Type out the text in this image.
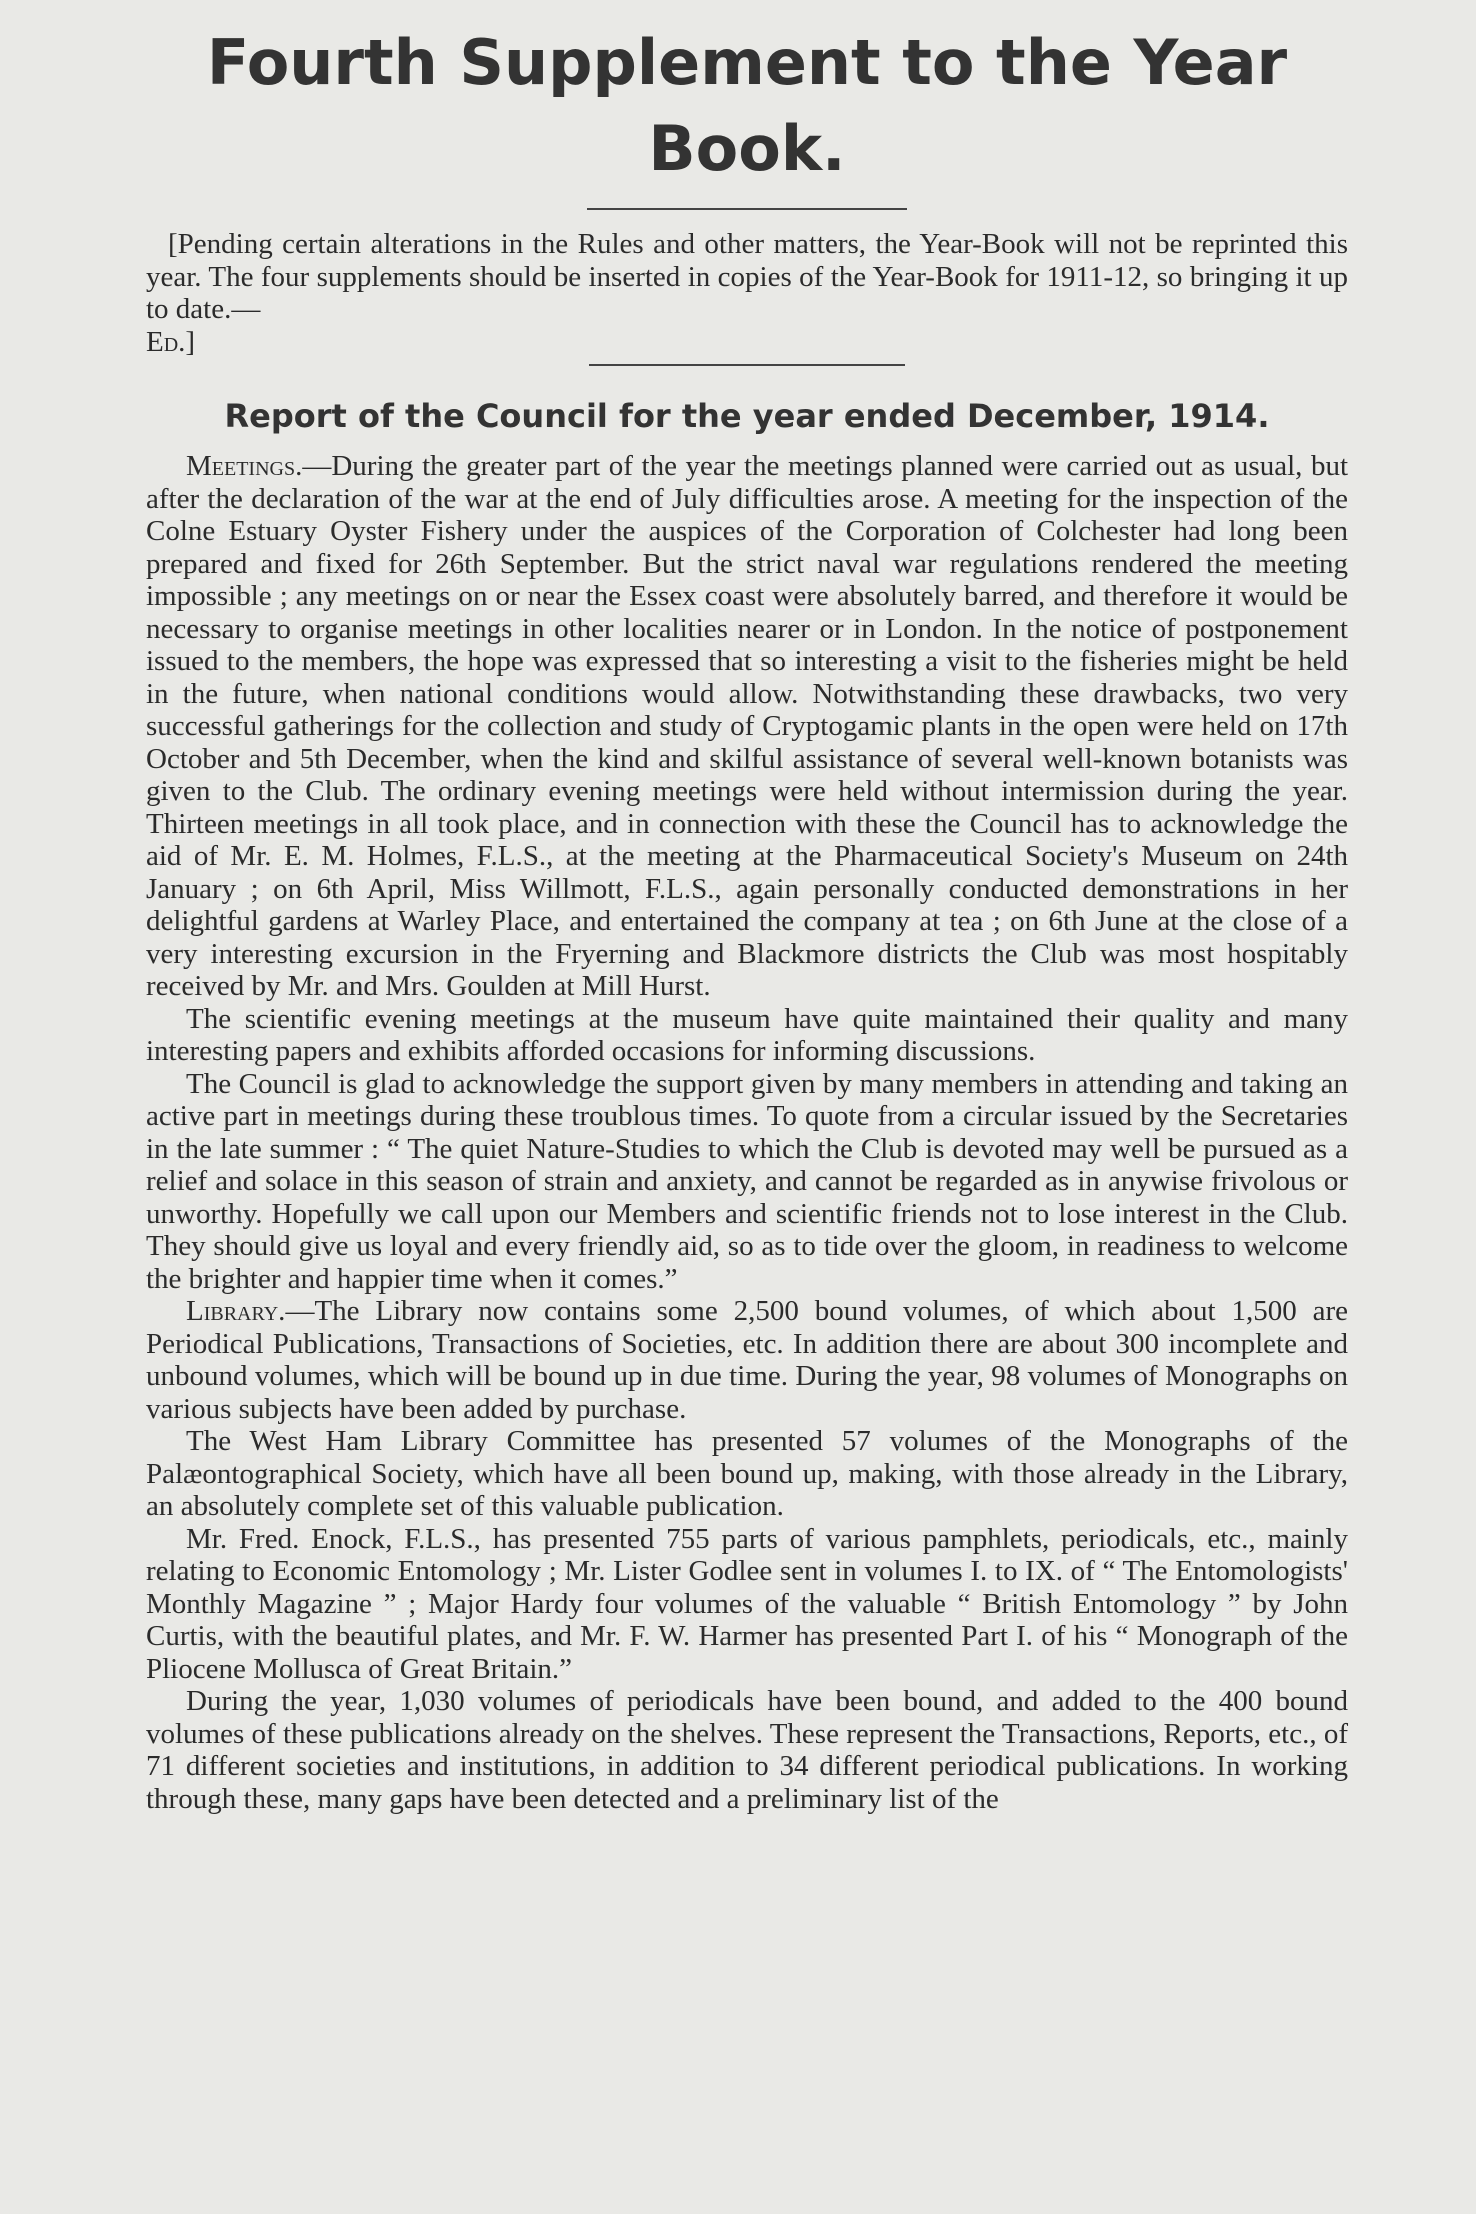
Fourth Supplement to the Year Book.

[Pending certain alterations in the Rules and other matters, the Year-Book will not be reprinted this year. The four supplements should be inserted in copies of the Year-Book for 1911-12, so bringing it up to date.—
Ed.]

Report of the Council for the year ended December, 1914.

Meetings.—During the greater part of the year the meetings planned were carried out as usual, but after the declaration of the war at the end of July difficulties arose. A meeting for the inspection of the Colne Estuary Oyster Fishery under the auspices of the Corporation of Colchester had long been prepared and fixed for 26th September. But the strict naval war regulations rendered the meeting impossible ; any meetings on or near the Essex coast were absolutely barred, and therefore it would be necessary to organise meetings in other localities nearer or in London. In the notice of postponement issued to the members, the hope was expressed that so interesting a visit to the fisheries might be held in the future, when national conditions would allow. Notwithstanding these drawbacks, two very successful gatherings for the collection and study of Cryptogamic plants in the open were held on 17th October and 5th December, when the kind and skilful assistance of several well-known botanists was given to the Club. The ordinary evening meetings were held without intermission during the year. Thirteen meetings in all took place, and in connection with these the Council has to acknowledge the aid of Mr. E. M. Holmes, F.L.S., at the meeting at the Pharmaceutical Society's Museum on 24th January ; on 6th April, Miss Willmott, F.L.S., again personally conducted demonstrations in her delightful gardens at Warley Place, and entertained the company at tea ; on 6th June at the close of a very interesting excursion in the Fryerning and Blackmore districts the Club was most hospitably received by Mr. and Mrs. Goulden at Mill Hurst.

The scientific evening meetings at the museum have quite maintained their quality and many interesting papers and exhibits afforded occasions for informing discussions.

The Council is glad to acknowledge the support given by many members in attending and taking an active part in meetings during these troublous times. To quote from a circular issued by the Secretaries in the late summer : “ The quiet Nature-Studies to which the Club is devoted may well be pursued as a relief and solace in this season of strain and anxiety, and cannot be regarded as in anywise frivolous or unworthy. Hopefully we call upon our Members and scientific friends not to lose interest in the Club. They should give us loyal and every friendly aid, so as to tide over the gloom, in readiness to welcome the brighter and happier time when it comes.”

Library.—The Library now contains some 2,500 bound volumes, of which about 1,500 are Periodical Publications, Transactions of Societies, etc. In addition there are about 300 incomplete and unbound volumes, which will be bound up in due time. During the year, 98 volumes of Monographs on various subjects have been added by purchase.

The West Ham Library Committee has presented 57 volumes of the Monographs of the Palæontographical Society, which have all been bound up, making, with those already in the Library, an absolutely complete set of this valuable publication.

Mr. Fred. Enock, F.L.S., has presented 755 parts of various pamphlets, periodicals, etc., mainly relating to Economic Entomology ; Mr. Lister Godlee sent in volumes I. to IX. of “ The Entomologists' Monthly Magazine ” ; Major Hardy four volumes of the valuable “ British Entomology ” by John Curtis, with the beautiful plates, and Mr. F. W. Harmer has presented Part I. of his “ Monograph of the Pliocene Mollusca of Great Britain.”

During the year, 1,030 volumes of periodicals have been bound, and added to the 400 bound volumes of these publications already on the shelves. These represent the Transactions, Reports, etc., of 71 different societies and institutions, in addition to 34 different periodical publications. In working through these, many gaps have been detected and a preliminary list of the
